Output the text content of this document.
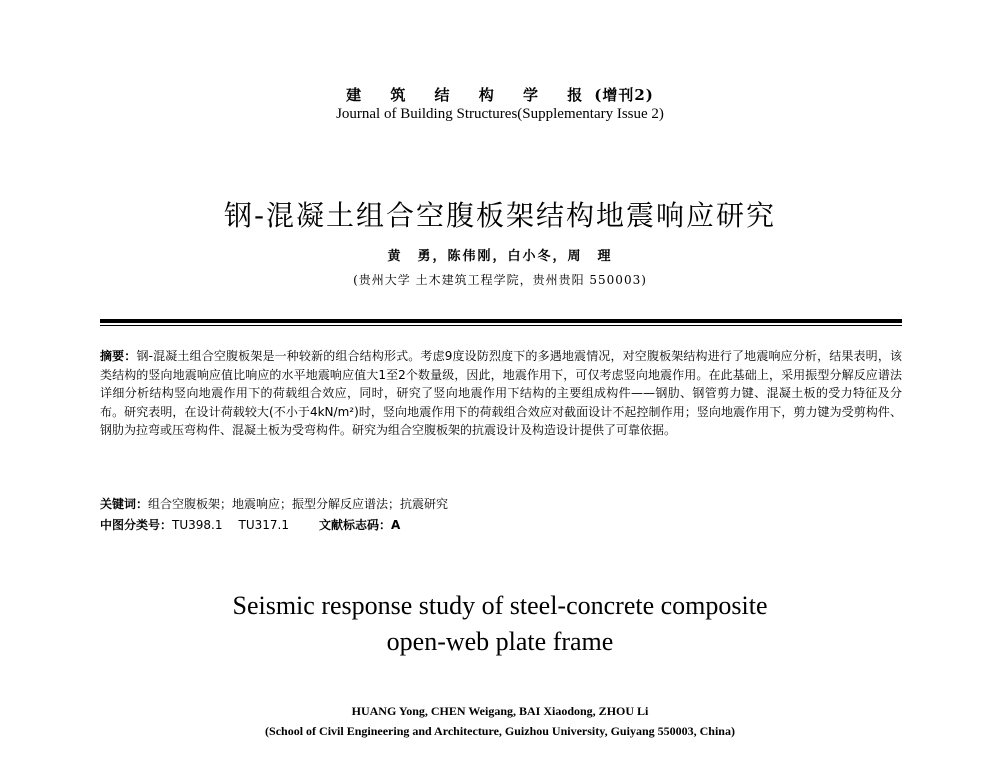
建 筑 结 构 学 报(增刊2)
Journal of Building Structures(Supplementary Issue 2)
钢-混凝土组合空腹板架结构地震响应研究
黄　勇，陈伟刚，白小冬，周　理
(贵州大学 土木建筑工程学院，贵州贵阳 550003)
摘要：钢-混凝土组合空腹板架是一种较新的组合结构形式。考虑9度设防烈度下的多遇地震情况，对空腹板架结构进行了地震响应分析，结果表明，该类结构的竖向地震响应值比响应的水平地震响应值大1至2个数量级，因此，地震作用下，可仅考虑竖向地震作用。在此基础上，采用振型分解反应谱法详细分析结构竖向地震作用下的荷载组合效应，同时，研究了竖向地震作用下结构的主要组成构件——钢肋、钢管剪力键、混凝土板的受力特征及分布。研究表明，在设计荷载较大(不小于4kN/m²)时，竖向地震作用下的荷载组合效应对截面设计不起控制作用；竖向地震作用下，剪力键为受剪构件、钢肋为拉弯或压弯构件、混凝土板为受弯构件。研究为组合空腹板架的抗震设计及构造设计提供了可靠依据。
关键词：组合空腹板架；地震响应；振型分解反应谱法；抗震研究
中图分类号：TU398.1 TU317.1	文献标志码：A
Seismic response study of steel-concrete composite
open-web plate frame
HUANG Yong, CHEN Weigang, BAI Xiaodong, ZHOU Li
(School of Civil Engineering and Architecture, Guizhou University, Guiyang 550003, China)
